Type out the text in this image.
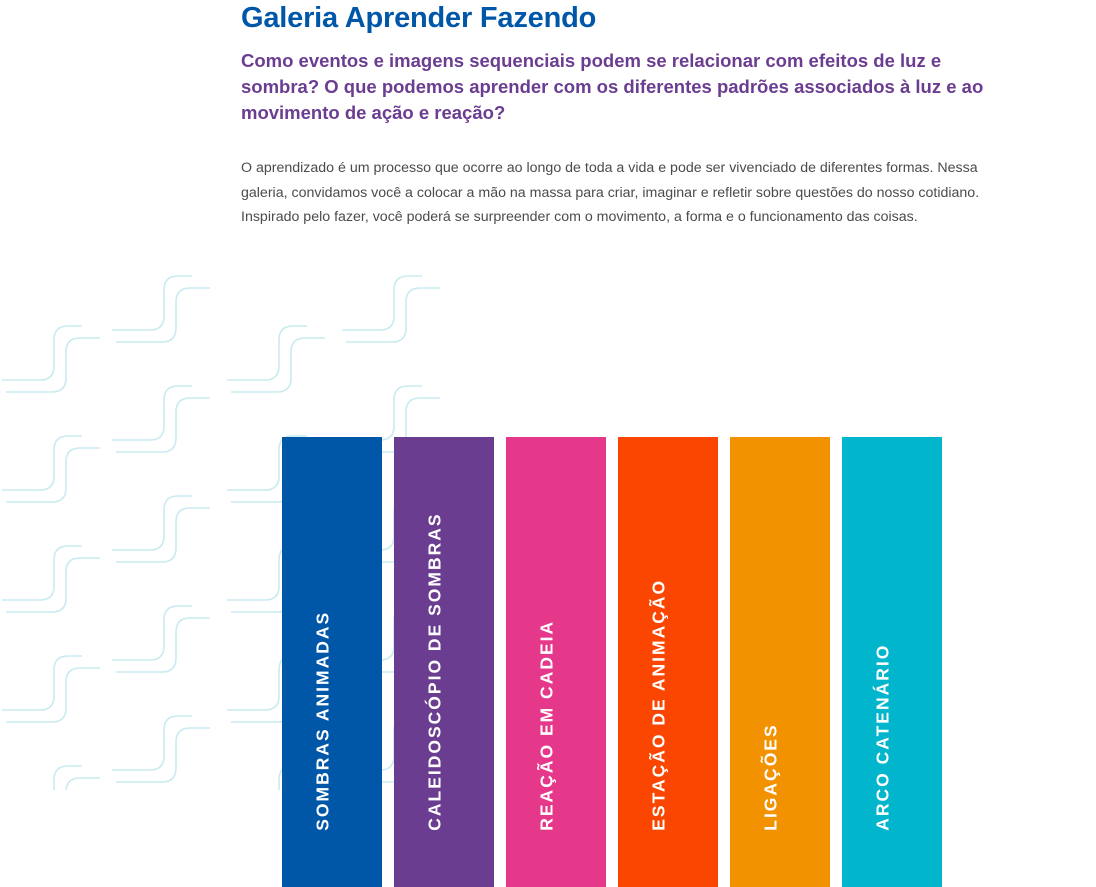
Galeria Aprender Fazendo
Como eventos e imagens sequenciais podem se relacionar com efeitos de luz e sombra? O que podemos aprender com os diferentes padrões associados à luz e ao movimento de ação e reação?

O aprendizado é um processo que ocorre ao longo de toda a vida e pode ser vivenciado de diferentes formas. Nessa galeria, convidamos você a colocar a mão na massa para criar, imaginar e refletir sobre questões do nosso cotidiano. Inspirado pelo fazer, você poderá se surpreender com o movimento, a forma e o funcionamento das coisas.

SOMBRAS ANIMADAS	CALEIDOSCÓPIO DE SOMBRAS	REAÇÃO EM CADEIA	ESTAÇÃO DE ANIMAÇÃO	LIGAÇÕES	ARCO CATENÁRIO
